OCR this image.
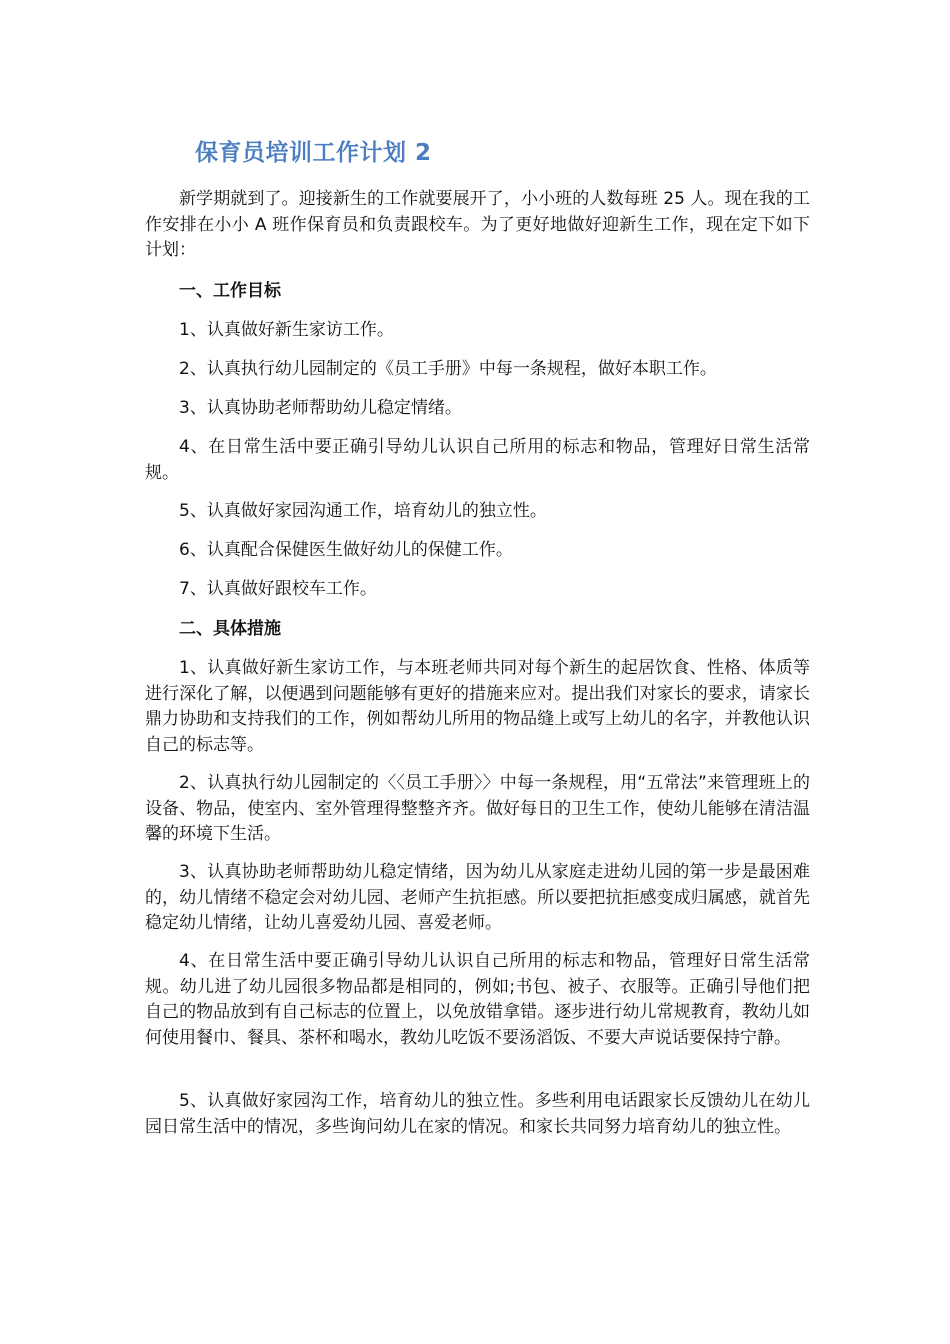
保育员培训工作计划 2

新学期就到了。迎接新生的工作就要展开了，小小班的人数每班 25 人。现在我的工作安排在小小 A 班作保育员和负责跟校车。为了更好地做好迎新生工作，现在定下如下计划：

一、工作目标

1、认真做好新生家访工作。

2、认真执行幼儿园制定的《员工手册》中每一条规程，做好本职工作。

3、认真协助老师帮助幼儿稳定情绪。

4、在日常生活中要正确引导幼儿认识自己所用的标志和物品，管理好日常生活常规。

5、认真做好家园沟通工作，培育幼儿的独立性。

6、认真配合保健医生做好幼儿的保健工作。

7、认真做好跟校车工作。

二、具体措施

1、认真做好新生家访工作，与本班老师共同对每个新生的起居饮食、性格、体质等进行深化了解，以便遇到问题能够有更好的措施来应对。提出我们对家长的要求，请家长鼎力协助和支持我们的工作，例如帮幼儿所用的物品缝上或写上幼儿的名字，并教他认识自己的标志等。

2、认真执行幼儿园制定的〈〈员工手册〉〉中每一条规程，用“五常法”来管理班上的设备、物品，使室内、室外管理得整整齐齐。做好每日的卫生工作，使幼儿能够在清洁温馨的环境下生活。

3、认真协助老师帮助幼儿稳定情绪，因为幼儿从家庭走进幼儿园的第一步是最困难的，幼儿情绪不稳定会对幼儿园、老师产生抗拒感。所以要把抗拒感变成归属感，就首先稳定幼儿情绪，让幼儿喜爱幼儿园、喜爱老师。

4、在日常生活中要正确引导幼儿认识自己所用的标志和物品，管理好日常生活常规。幼儿进了幼儿园很多物品都是相同的，例如;书包、被子、衣服等。正确引导他们把自己的物品放到有自己标志的位置上，以免放错拿错。逐步进行幼儿常规教育，教幼儿如何使用餐巾、餐具、茶杯和喝水，教幼儿吃饭不要汤滔饭、不要大声说话要保持宁静。

5、认真做好家园沟工作，培育幼儿的独立性。多些利用电话跟家长反馈幼儿在幼儿园日常生活中的情况，多些询问幼儿在家的情况。和家长共同努力培育幼儿的独立性。
